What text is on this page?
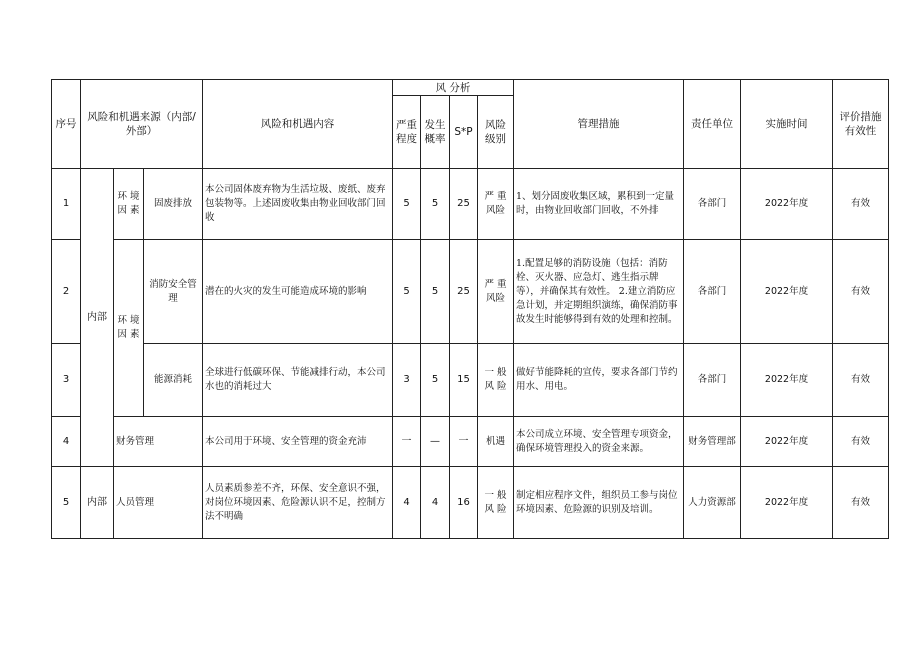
序号	风险和机遇来源（内部/外部）			风险和机遇内容	风 分析				管理措施	责任单位	实施时间	评价措施有效性
					严重程度	发生概率	S*P	风险级别				
1	内部	环 境 因 素	固废排放	本公司固体废弃物为生活垃圾、废纸、废弃包装物等。上述固废收集由物业回收部门回收	5	5	25	严 重 风险	1、划分固废收集区域，累积到一定量时，由物业回收部门回收，不外排	各部门	2022年度	有效
2		环 境 因 素	消防安全管理	潜在的火灾的发生可能造成环境的影响	5	5	25	严 重 风险	1.配置足够的消防设施（包括：消防栓、灭火器、应急灯、逃生指示牌等），并确保其有效性。 2.建立消防应急计划，并定期组织演练，确保消防事故发生时能够得到有效的处理和控制。	各部门	2022年度	有效
3			能源消耗	全球进行低碳环保、节能减排行动，本公司水也的消耗过大	3	5	15	一 般 风 险	做好节能降耗的宣传，要求各部门节约用水、用电。	各部门	2022年度	有效
4		财务管理		本公司用于环境、安全管理的资金充沛	一	—	一	机遇	本公司成立环境、安全管理专项资金，确保环境管理投入的资金来源。	财务管理部	2022年度	有效
5	内部	人员管理		人员素质参差不齐，环保、安全意识不强，对岗位环境因素、危险源认识不足，控制方法不明确	4	4	16	一 般 风 险	制定相应程序文件，组织员工参与岗位环境因素、危险源的识别及培训。	人力资源部	2022年度	有效
